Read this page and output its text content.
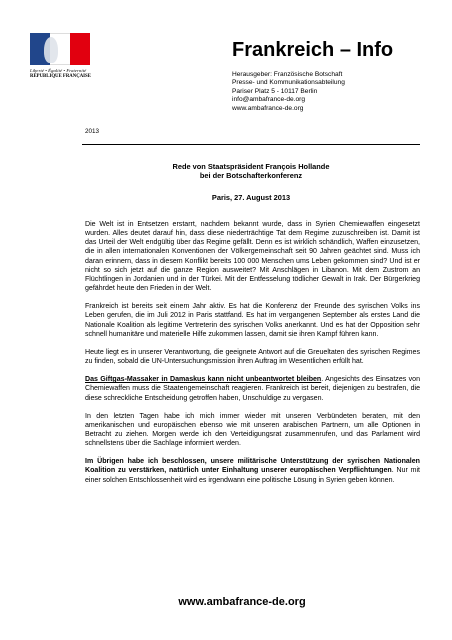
Liberté • Égalité • Fraternité
RÉPUBLIQUE FRANÇAISE
Frankreich – Info
Herausgeber: Französische Botschaft
Presse- und Kommunikationsabteilung
Pariser Platz 5 - 10117 Berlin
info@ambafrance-de.org
www.ambafrance-de.org
2013
Rede von Staatspräsident François Hollande
bei der Botschafterkonferenz
Paris, 27. August 2013

Die Welt ist in Entsetzen erstarrt, nachdem bekannt wurde, dass in Syrien Chemiewaffen eingesetzt wurden. Alles deutet darauf hin, dass diese niederträchtige Tat dem Regime zuzuschreiben ist. Damit ist das Urteil der Welt endgültig über das Regime gefällt. Denn es ist wirklich schändlich, Waffen einzusetzen, die in allen internationalen Konventionen der Völkergemeinschaft seit 90 Jahren geächtet sind. Muss ich daran erinnern, dass in diesem Konflikt bereits 100 000 Menschen ums Leben gekommen sind? Und ist er nicht so sich jetzt auf die ganze Region ausweitet? Mit Anschlägen in Libanon. Mit dem Zustrom an Flüchtlingen in Jordanien und in der Türkei. Mit der Entfesselung tödlicher Gewalt in Irak. Der Bürgerkrieg gefährdet heute den Frieden in der Welt.

Frankreich ist bereits seit einem Jahr aktiv. Es hat die Konferenz der Freunde des syrischen Volks ins Leben gerufen, die im Juli 2012 in Paris stattfand. Es hat im vergangenen September als erstes Land die Nationale Koalition als legitime Vertreterin des syrischen Volks anerkannt. Und es hat der Opposition sehr schnell humanitäre und materielle Hilfe zukommen lassen, damit sie ihren Kampf führen kann.

Heute liegt es in unserer Verantwortung, die geeignete Antwort auf die Greueltaten des syrischen Regimes zu finden, sobald die UN-Untersuchungsmission ihren Auftrag im Wesentlichen erfüllt hat.

Das Giftgas-Massaker in Damaskus kann nicht unbeantwortet bleiben. Angesichts des Einsatzes von Chemiewaffen muss die Staatengemeinschaft reagieren. Frankreich ist bereit, diejenigen zu bestrafen, die diese schreckliche Entscheidung getroffen haben, Unschuldige zu vergasen.

In den letzten Tagen habe ich mich immer wieder mit unseren Verbündeten beraten, mit den amerikanischen und europäischen ebenso wie mit unseren arabischen Partnern, um alle Optionen in Betracht zu ziehen. Morgen werde ich den Verteidigungsrat zusammenrufen, und das Parlament wird schnellstens über die Sachlage informiert werden.

Im Übrigen habe ich beschlossen, unsere militärische Unterstützung der syrischen Nationalen Koalition zu verstärken, natürlich unter Einhaltung unserer europäischen Verpflichtungen. Nur mit einer solchen Entschlossenheit wird es irgendwann eine politische Lösung in Syrien geben können.

www.ambafrance-de.org
